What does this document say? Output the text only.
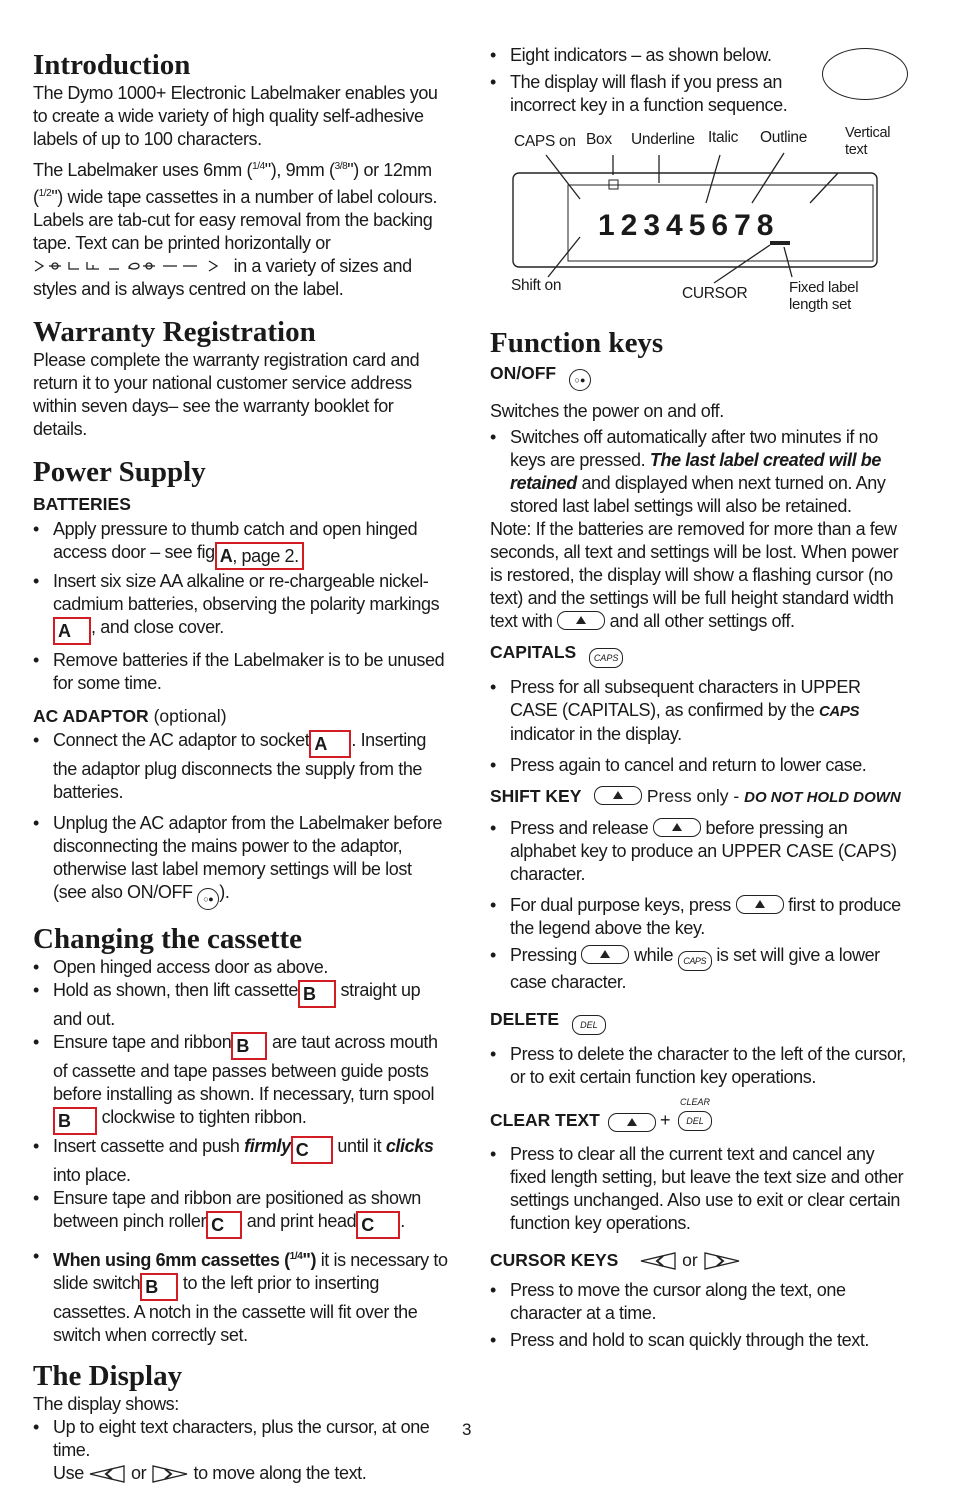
Introduction

The Dymo 1000+ Electronic Labelmaker enables you to create a wide variety of high quality self-adhesive labels of up to 100 characters.

The Labelmaker uses 6mm ($^{1/4}$"), 9mm ($^{3/8}$") or 12mm ($^{1/2}$") wide tape cassettes in a number of label colours. Labels are tab-cut for easy removal from the backing tape. Text can be printed horizontally or  in a variety of sizes and styles and is always centred on the label.

Warranty Registration

Please complete the warranty registration card and return it to your national customer service address within seven days– see the warranty booklet for details.

Power Supply
BATTERIES
• Apply pressure to thumb catch and open hinged access door – see fig A, page 2.
• Insert six size AA alkaline or re-chargeable nickel-cadmium batteries, observing the polarity markingsA , and close cover.
• Remove batteries if the Labelmaker is to be unused for some time.
AC ADAPTOR (optional)
• Connect the AC adaptor to socket A . Inserting the adaptor plug disconnects the supply from the batteries.
• Unplug the AC adaptor from the Labelmaker before disconnecting the mains power to the adaptor, otherwise last label memory settings will be lost (see also ON/OFF ○● ).
Changing the cassette
• Open hinged access door as above.
• Hold as shown, then lift cassette B straight up and out.
• Ensure tape and ribbon B are taut across mouth of cassette and tape passes between guide posts before installing as shown. If necessary, turn spoolB clockwise to tighten ribbon.
• Insert cassette and push firmly C until it clicks into place.
• Ensure tape and ribbon are positioned as shown between pinch roller C and print head C .
• When using 6mm cassettes ($^{1/4}$") it is necessary to slide switch B to the left prior to inserting cassettes. A notch in the cassette will fit over the switch when correctly set.
The Display

The display shows:

• Up to eight text characters, plus the cursor, at one time.
Use	or	to move along the text.
• Eight indicators – as shown below.
• The display will flash if you press an incorrect key in a function sequence.
CAPS on Box Underline Italic Outline	Vertical
text
Shift on	CURSOR	Fixed label
length set
12345678
Function keys
ON/OFF ○●

Switches the power on and off.

• Switches off automatically after two minutes if no keys are pressed. The last label created will be retained and displayed when next turned on. Any stored last label settings will also be retained.

Note: If the batteries are removed for more than a few seconds, all text and settings will be lost. When power is restored, the display will show a flashing cursor (no text) and the settings will be full height standard width text with	and all other settings off.

CAPITALS CAPS
• Press for all subsequent characters in UPPER CASE (CAPITALS), as confirmed by the CAPS
indicator in the display.
• Press again to cancel and return to lower case.
SHIFT KEY	Press only - DO NOT HOLD DOWN
• Press and release	before pressing an alphabet key to produce an UPPER CASE (CAPS) character.
• For dual purpose keys, press	first to produce the legend above the key.
• Pressing	while CAPS is set will give a lower case character.
DELETE DEL
• Press to delete the character to the left of the cursor, or to exit certain function key operations.
CLEAR TEXT	+
CLEAR
DEL
• Press to clear all the current text and cancel any fixed length setting, but leave the text size and other settings unchanged. Also use to exit or clear certain function key operations.
CURSOR KEYS	or
• Press to move the cursor along the text, one character at a time.
• Press and hold to scan quickly through the text.
3
